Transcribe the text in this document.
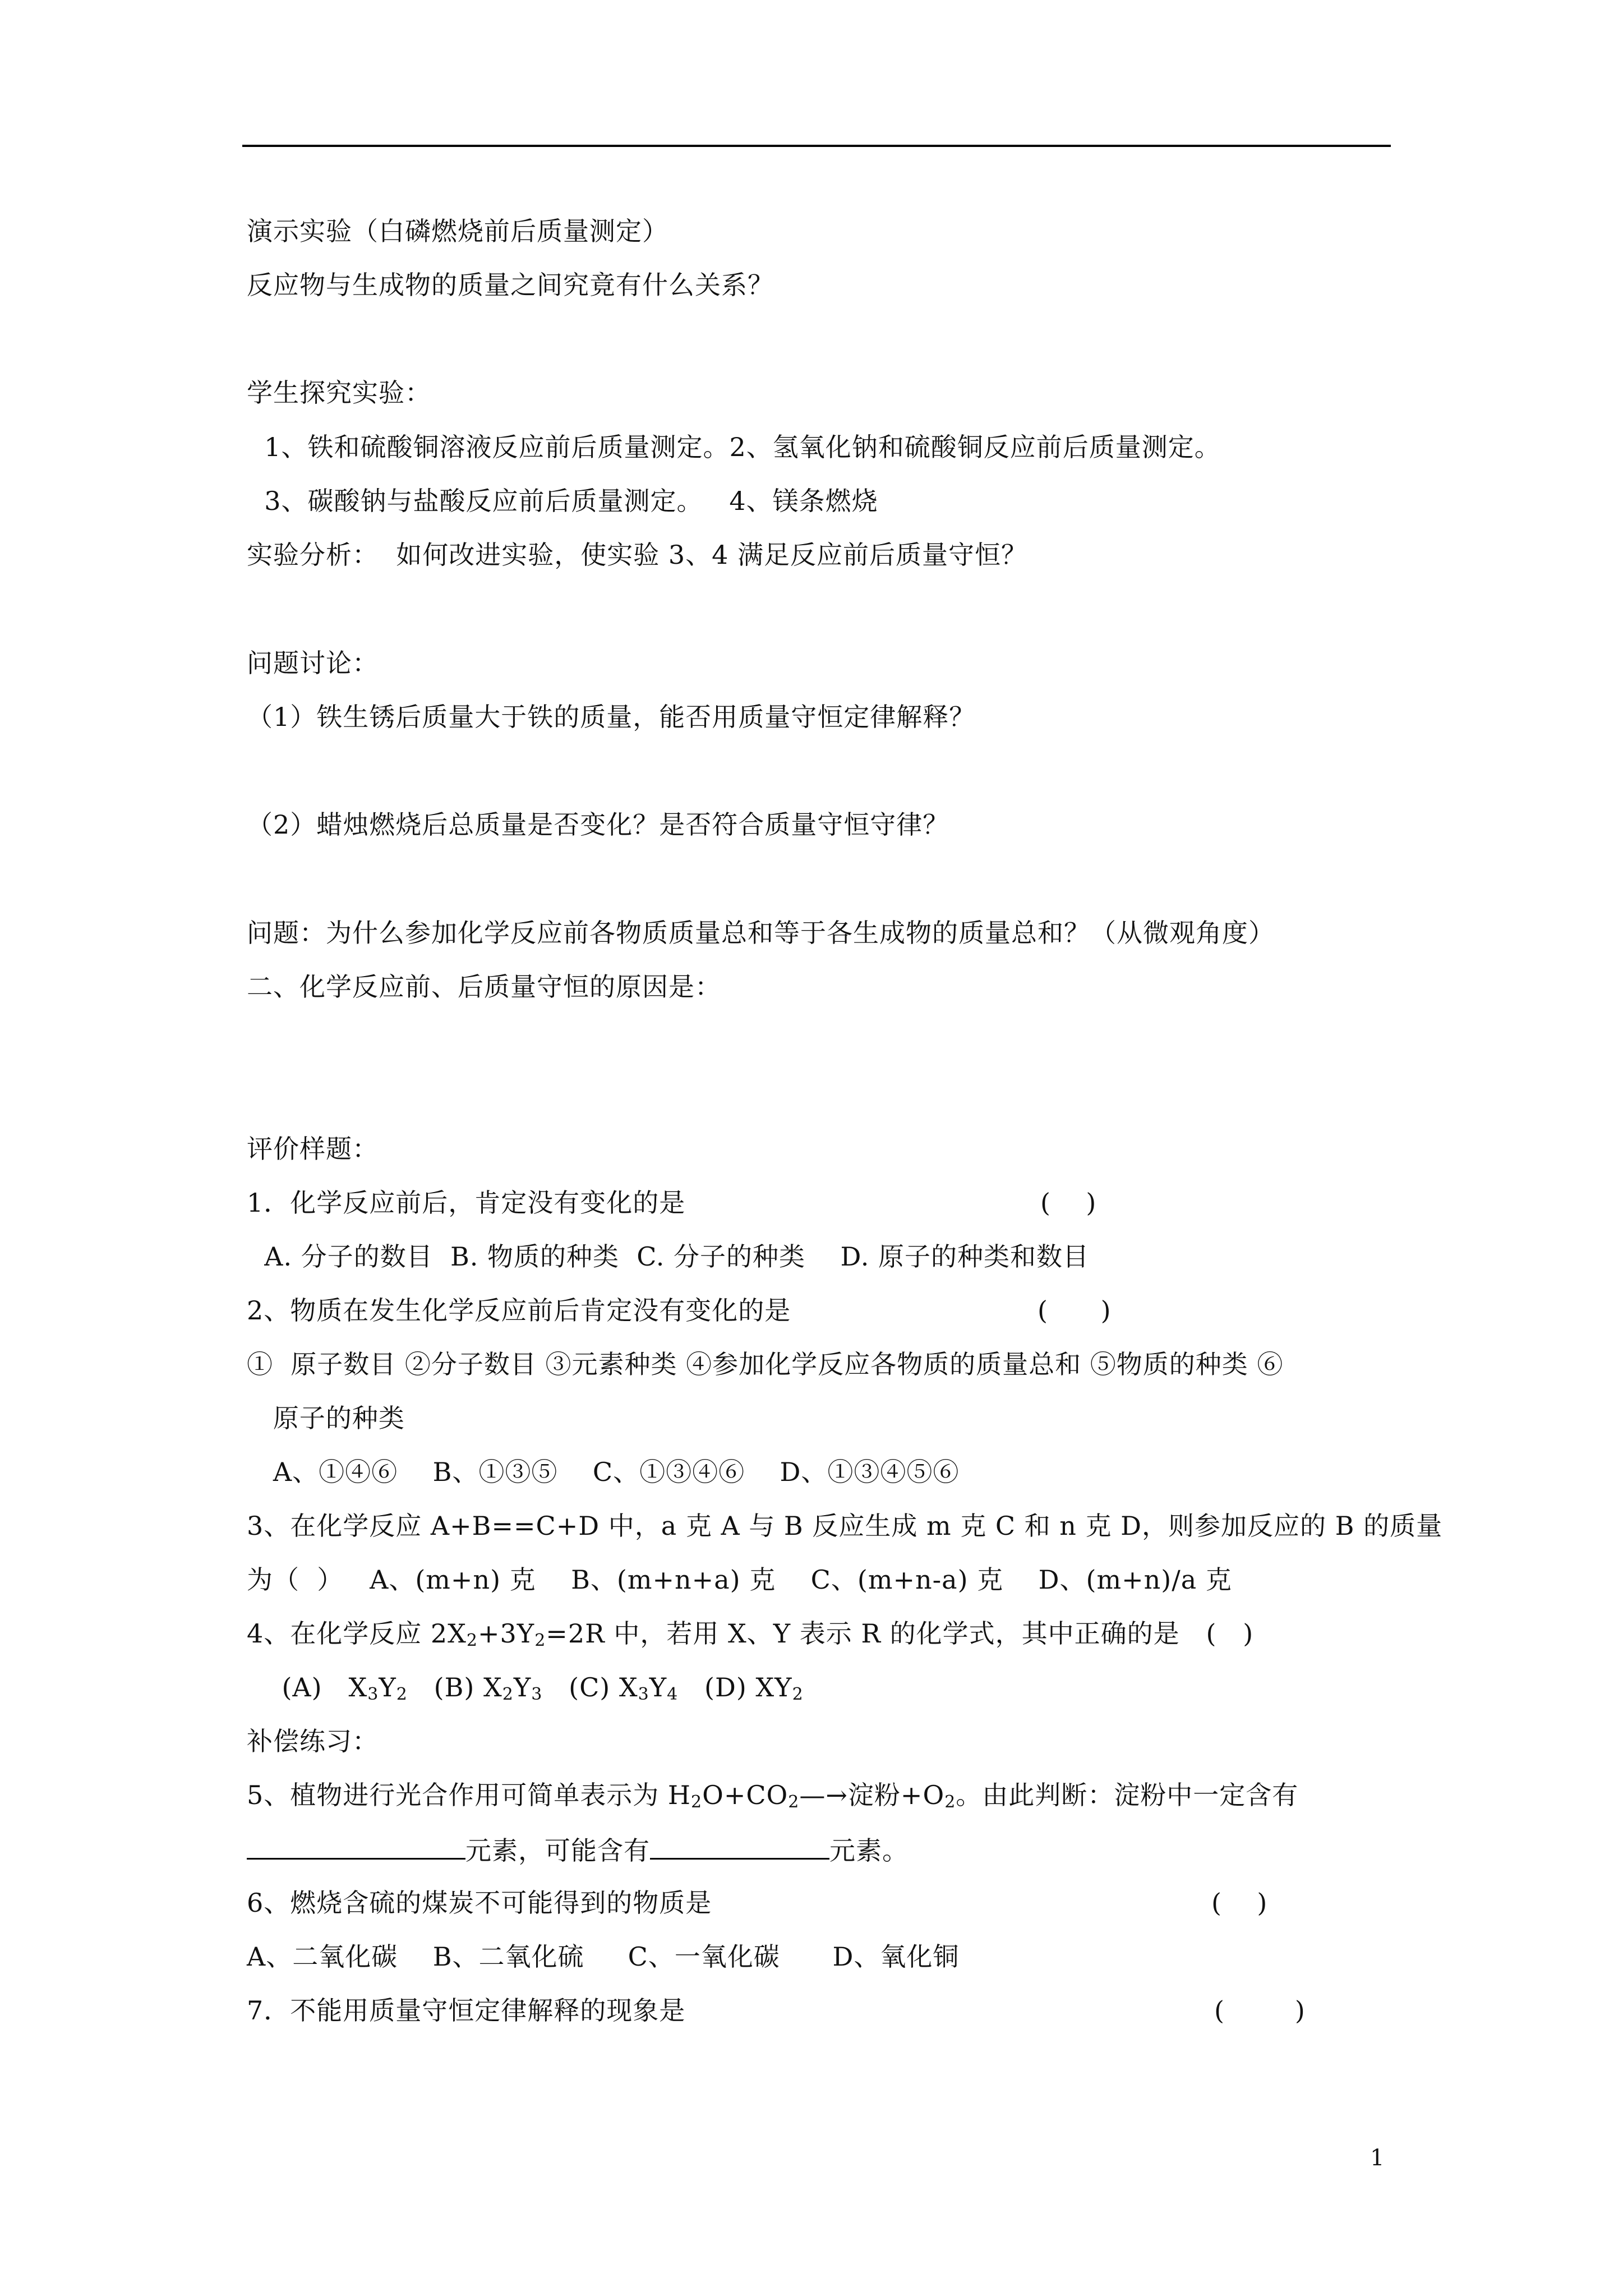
演示实验（白磷燃烧前后质量测定）
反应物与生成物的质量之间究竟有什么关系？
学生探究实验：
1、铁和硫酸铜溶液反应前后质量测定。2、氢氧化钠和硫酸铜反应前后质量测定。
3、碳酸钠与盐酸反应前后质量测定。   4、镁条燃烧
实验分析：  如何改进实验，使实验 3、4 满足反应前后质量守恒？
问题讨论：
（1）铁生锈后质量大于铁的质量，能否用质量守恒定律解释？
（2）蜡烛燃烧后总质量是否变化？是否符合质量守恒守律？
问题：为什么参加化学反应前各物质质量总和等于各生成物的质量总和？（从微观角度）
二、化学反应前、后质量守恒的原因是：
评价样题：
1．化学反应前后，肯定没有变化的是	(    )
A. 分子的数目  B. 物质的种类  C. 分子的种类    D. 原子的种类和数目
2、物质在发生化学反应前后肯定没有变化的是	(      )
①  原子数目 ②分子数目 ③元素种类 ④参加化学反应各物质的质量总和 ⑤物质的种类 ⑥
原子的种类
A、①④⑥    B、①③⑤    C、①③④⑥    D、①③④⑤⑥
3、在化学反应 A+B==C+D 中，a 克 A 与 B 反应生成 m 克 C 和 n 克 D，则参加反应的 B 的质量
为（  ）   A、(m+n) 克    B、(m+n+a) 克    C、(m+n-a) 克    D、(m+n)/a 克
4、在化学反应 $2X_2+3Y_2=2R$ 中，若用 X、Y 表示 R 的化学式，其中正确的是   (   )
(A)   $X_3Y_2$   (B) $X_2Y_3$   (C) $X_3Y_4$   (D) $XY_2$
补偿练习：
5、植物进行光合作用可简单表示为 $H_2O+CO_2—\to$淀粉$+O_2$。由此判断：淀粉中一定含有
元素，可能含有	元素。
6、燃烧含硫的煤炭不可能得到的物质是	(    )
A、二氧化碳    B、二氧化硫     C、一氧化碳      D、氧化铜
7．不能用质量守恒定律解释的现象是	(        )
1
